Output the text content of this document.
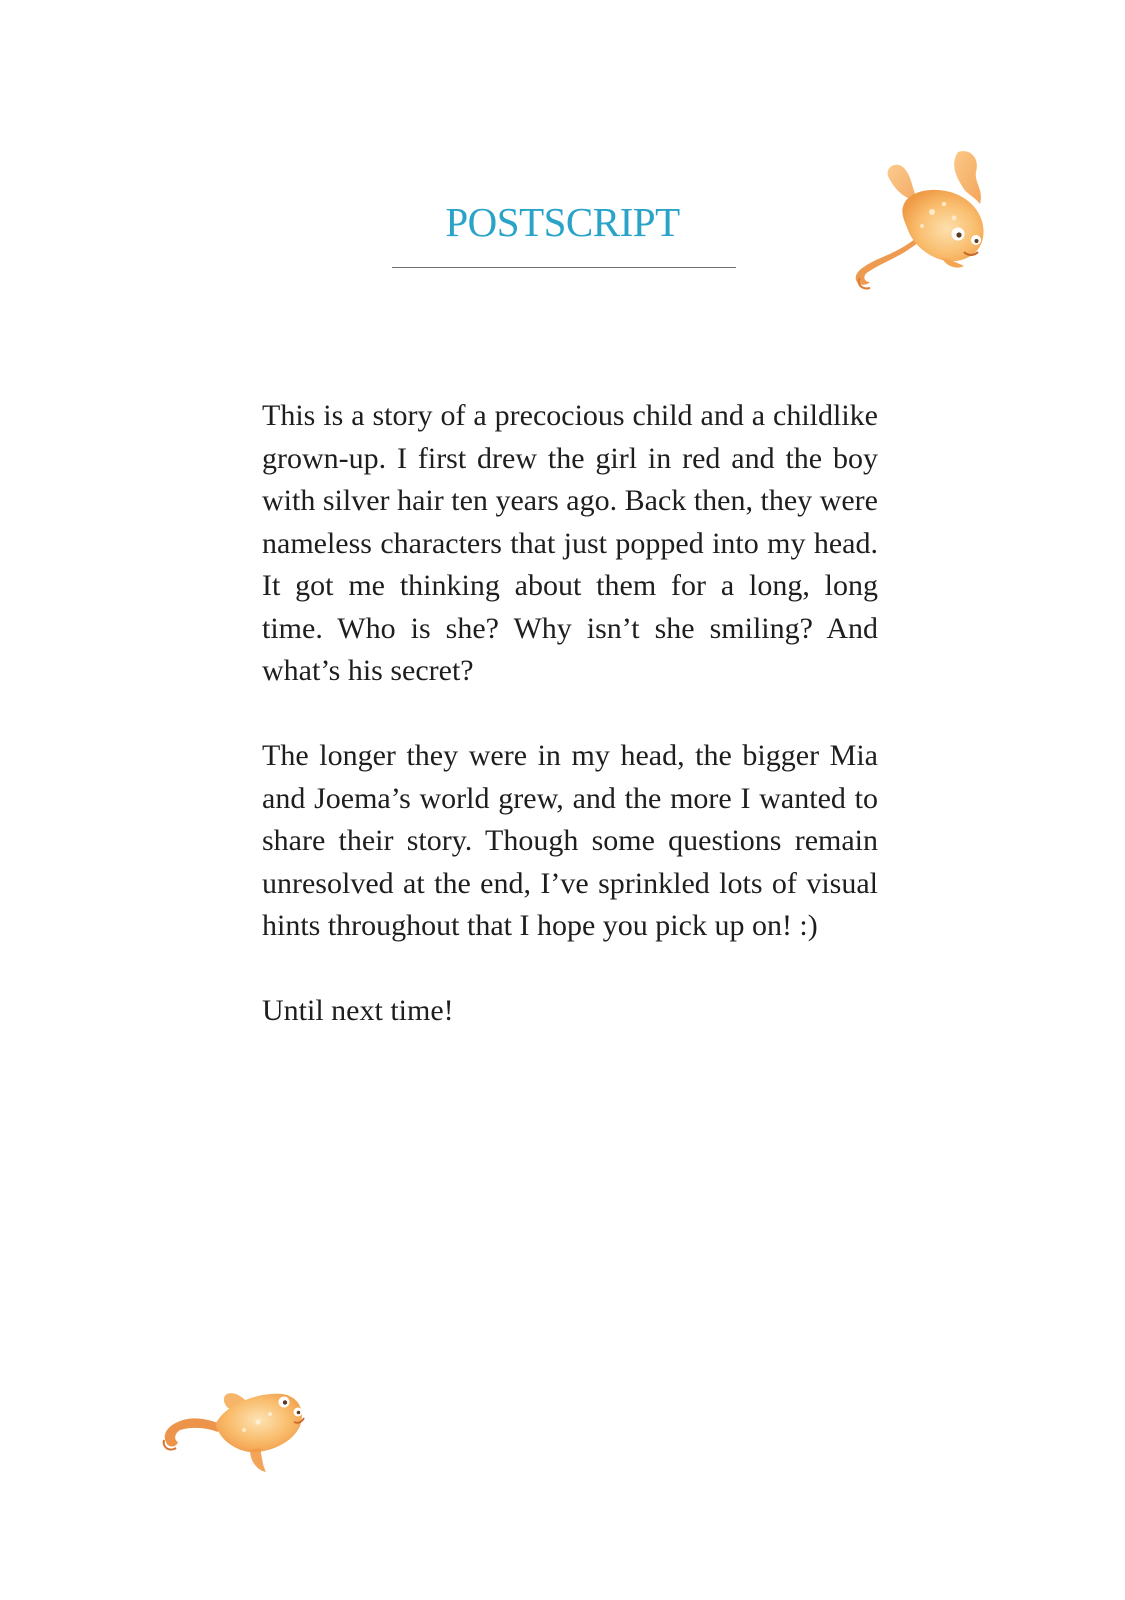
POSTSCRIPT

This is a story of a precocious child and a childlike grown-up. I first drew the girl in red and the boy with silver hair ten years ago. Back then, they were nameless characters that just popped into my head. It got me thinking about them for a long, long time. Who is she? Why isn’t she smiling? And what’s his secret?

The longer they were in my head, the bigger Mia and Joema’s world grew, and the more I wanted to share their story. Though some questions remain unresolved at the end, I’ve sprinkled lots of visual hints throughout that I hope you pick up on! :)

Until next time!
